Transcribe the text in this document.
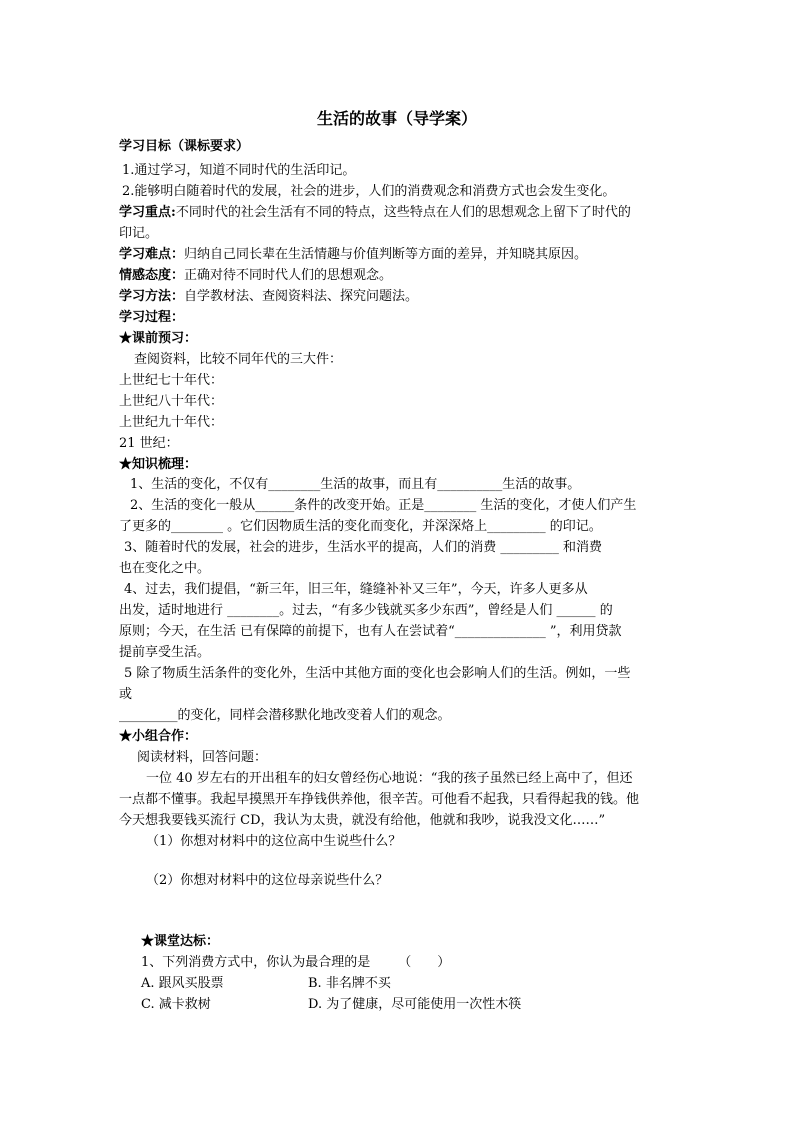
生活的故事（导学案）
学习目标（课标要求）
1.通过学习，知道不同时代的生活印记。
2.能够明白随着时代的发展，社会的进步，人们的消费观念和消费方式也会发生变化。
学习重点:不同时代的社会生活有不同的特点，这些特点在人们的思想观念上留下了时代的
印记。
学习难点：归纳自己同长辈在生活情趣与价值判断等方面的差异，并知晓其原因。
情感态度：正确对待不同时代人们的思想观念。
学习方法：自学教材法、查阅资料法、探究问题法。
学习过程：
★课前预习：
查阅资料，比较不同年代的三大件：
上世纪七十年代：
上世纪八十年代：
上世纪九十年代：
21 世纪：
★知识梳理：
1、生活的变化，不仅有________生活的故事，而且有__________生活的故事。
2、生活的变化一般从______条件的改变开始。正是________ 生活的变化，才使人们产生
了更多的________ 。它们因物质生活的变化而变化，并深深烙上_________ 的印记。
3、随着时代的发展，社会的进步，生活水平的提高，人们的消费 _________ 和消费
也在变化之中。
4、过去，我们提倡，“新三年，旧三年，缝缝补补又三年”，今天，许多人更多从
出发，适时地进行 ________。过去，“有多少钱就买多少东西”，曾经是人们 ______ 的
原则；今天，在生活 已有保障的前提下，也有人在尝试着“______________ ”，利用贷款
提前享受生活。
5 除了物质生活条件的变化外，生活中其他方面的变化也会影响人们的生活。例如，一些
或
_________的变化，同样会潜移默化地改变着人们的观念。
★小组合作：
阅读材料，回答问题：
一位 40 岁左右的开出租车的妇女曾经伤心地说：“我的孩子虽然已经上高中了，但还
一点都不懂事。我起早摸黑开车挣钱供养他，很辛苦。可他看不起我，只看得起我的钱。他
今天想我要钱买流行 CD，我认为太贵，就没有给他，他就和我吵，说我没文化……”
（1）你想对材料中的这位高中生说些什么？
（2）你想对材料中的这位母亲说些什么？
★课堂达标：
1、下列消费方式中，你认为最合理的是 （　　）
A. 跟风买股票	B. 非名牌不买
C. 减卡救树	D. 为了健康，尽可能使用一次性木筷
